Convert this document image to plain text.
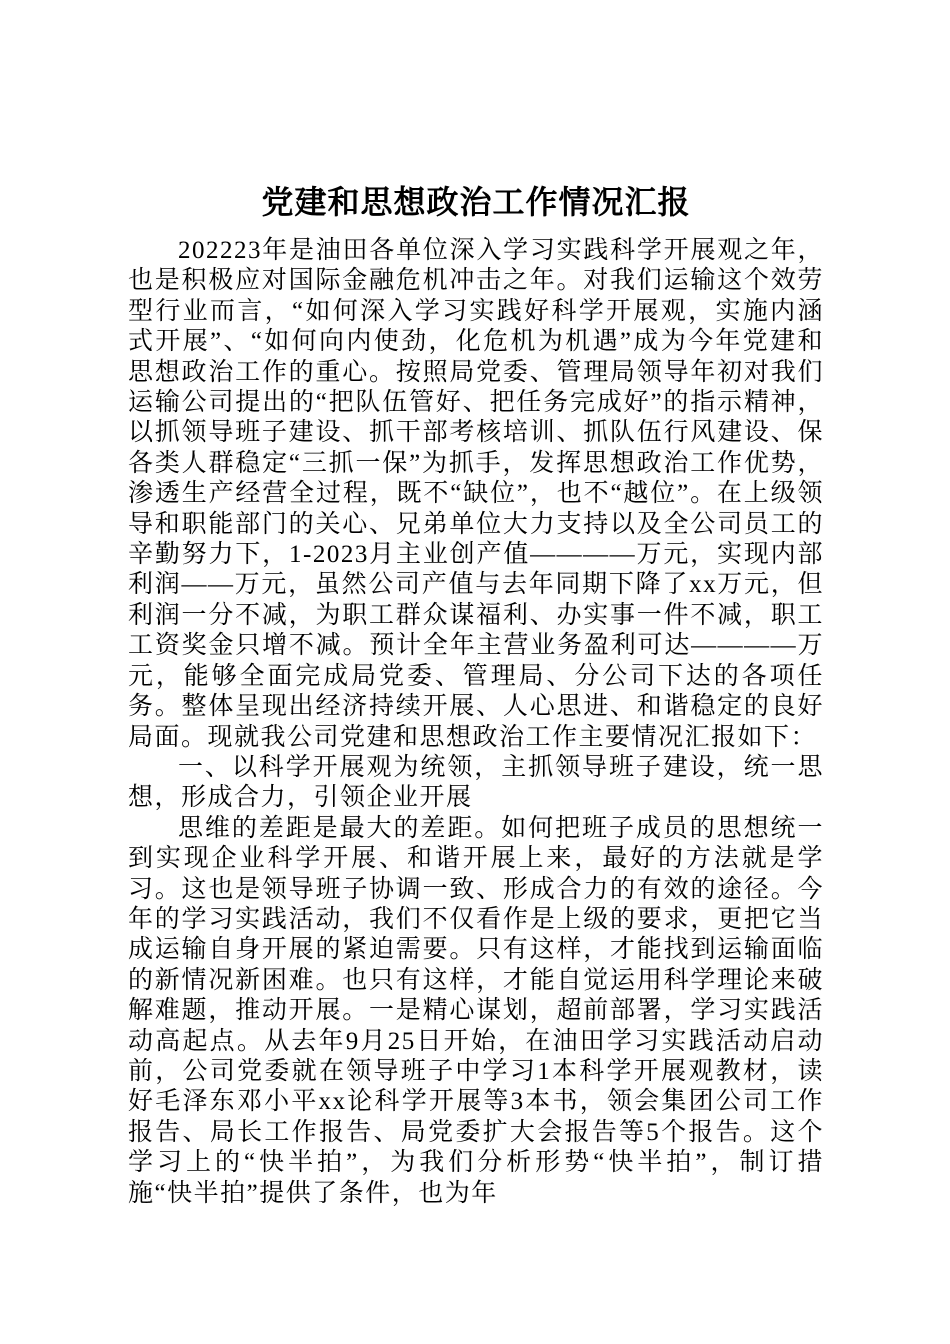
党建和思想政治工作情况汇报

202223年是油田各单位深入学习实践科学开展观之年，也是积极应对国际金融危机冲击之年。对我们运输这个效劳型行业而言，“如何深入学习实践好科学开展观，实施内涵式开展”、“如何向内使劲，化危机为机遇”成为今年党建和思想政治工作的重心。按照局党委、管理局领导年初对我们运输公司提出的“把队伍管好、把任务完成好”的指示精神，以抓领导班子建设、抓干部考核培训、抓队伍行风建设、保各类人群稳定“三抓一保”为抓手，发挥思想政治工作优势，渗透生产经营全过程，既不“缺位”，也不“越位”。在上级领导和职能部门的关心、兄弟单位大力支持以及全公司员工的辛勤努力下，1-2023月主业创产值————万元，实现内部利润——万元，虽然公司产值与去年同期下降了xx万元，但利润一分不减，为职工群众谋福利、办实事一件不减，职工工资奖金只增不减。预计全年主营业务盈利可达————万元，能够全面完成局党委、管理局、分公司下达的各项任务。整体呈现出经济持续开展、人心思进、和谐稳定的良好局面。现就我公司党建和思想政治工作主要情况汇报如下：

一、以科学开展观为统领，主抓领导班子建设，统一思想，形成合力，引领企业开展

思维的差距是最大的差距。如何把班子成员的思想统一到实现企业科学开展、和谐开展上来，最好的方法就是学习。这也是领导班子协调一致、形成合力的有效的途径。今年的学习实践活动，我们不仅看作是上级的要求，更把它当成运输自身开展的紧迫需要。只有这样，才能找到运输面临的新情况新困难。也只有这样，才能自觉运用科学理论来破解难题，推动开展。一是精心谋划，超前部署，学习实践活动高起点。从去年9月25日开始，在油田学习实践活动启动前，公司党委就在领导班子中学习1本科学开展观教材，读好毛泽东邓小平xx论科学开展等3本书，领会集团公司工作报告、局长工作报告、局党委扩大会报告等5个报告。这个学习上的“快半拍”，为我们分析形势“快半拍”，制订措施“快半拍”提供了条件，也为年
